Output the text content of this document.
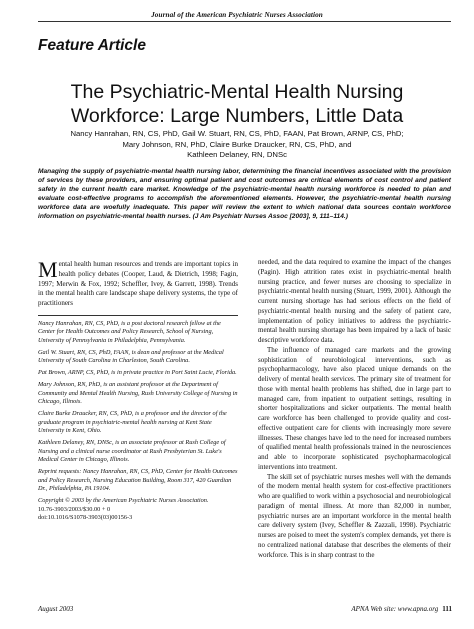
Journal of the American Psychiatric Nurses Association
Feature Article
The Psychiatric-Mental Health Nursing
Workforce: Large Numbers, Little Data
Nancy Hanrahan, RN, CS, PhD, Gail W. Stuart, RN, CS, PhD, FAAN, Pat Brown, ARNP, CS, PhD;
Mary Johnson, RN, PhD, Claire Burke Draucker, RN, CS, PhD, and
Kathleen Delaney, RN, DNSc
Managing the supply of psychiatric-mental health nursing labor, determining the financial incentives associated with the provision of services by these providers, and ensuring optimal patient and cost outcomes are critical elements of cost control and patient safety in the current health care market. Knowledge of the psychiatric-mental health nursing workforce is needed to plan and evaluate cost-effective programs to accomplish the aforementioned elements. However, the psychiatric-mental health nursing workforce data are woefully inadequate. This paper will review the extent to which national data sources contain workforce information on psychiatric-mental health nurses. (J Am Psychiatr Nurses Assoc [2003], 9, 111–114.)

Mental health human resources and trends are important topics in health policy debates (Cooper, Laud, & Dietrich, 1998; Fagin, 1997; Merwin & Fox, 1992; Scheffler, Ivey, & Garrett, 1998). Trends in the mental health care landscape shape delivery systems, the type of practitioners

Nancy Hanrahan, RN, CS, PhD, is a post doctoral research fellow at the Center for Health Outcomes and Policy Research, School of Nursing, University of Pennsylvania in Philadelphia, Pennsylvania.

Gail W. Stuart, RN, CS, PhD, FAAN, is dean and professor at the Medical University of South Carolina in Charleston, South Carolina.

Pat Brown, ARNP, CS, PhD, is in private practice in Port Saint Lucie, Florida.

Mary Johnson, RN, PhD, is an assistant professor at the Department of Community and Mental Health Nursing, Rush University College of Nursing in Chicago, Illinois.

Claire Burke Draucker, RN, CS, PhD, is a professor and the director of the graduate program in psychiatric-mental health nursing at Kent State University in Kent, Ohio.

Kathleen Delaney, RN, DNSc, is an associate professor at Rush College of Nursing and a clinical nurse coordinator at Rush Presbyterian St. Luke's Medical Center in Chicago, Illinois.

Reprint requests: Nancy Hanrahan, RN, CS, PhD, Center for Health Outcomes and Policy Research, Nursing Education Building, Room 317, 420 Guardian Dr., Philadelphia, PA 19104.

Copyright © 2003 by the American Psychiatric Nurses Association.

10.76-3903/2003/$30.00 + 0

doi:10.1016/S1078-3903(03)00156-3

needed, and the data required to examine the impact of the changes (Pagin). High attrition rates exist in psychiatric-mental health nursing practice, and fewer nurses are choosing to specialize in psychiatric-mental health nursing (Stuart, 1999, 2001). Although the current nursing shortage has had serious effects on the field of psychiatric-mental health nursing and the safety of patient care, implementation of policy initiatives to address the psychiatric-mental health nursing shortage has been impaired by a lack of basic descriptive workforce data.

The influence of managed care markets and the growing sophistication of neurobiological interventions, such as psychopharmacology, have also placed unique demands on the delivery of mental health services. The primary site of treatment for those with mental health problems has shifted, due in large part to managed care, from inpatient to outpatient settings, resulting in shorter hospitalizations and sicker outpatients. The mental health care workforce has been challenged to provide quality and cost-effective outpatient care for clients with increasingly more severe illnesses. These changes have led to the need for increased numbers of qualified mental health professionals trained in the neurosciences and able to incorporate sophisticated psychopharmacological interventions into treatment.

The skill set of psychiatric nurses meshes well with the demands of the modern mental health system for cost-effective practitioners who are qualified to work within a psychosocial and neurobiological paradigm of mental illness. At more than 82,000 in number, psychiatric nurses are an important workforce in the mental health care delivery system (Ivey, Scheffler & Zazzali, 1998). Psychiatric nurses are poised to meet the system's complex demands, yet there is no centralized national database that describes the elements of their workforce. This is in sharp contrast to the

August 2003	APNA Web site: www.apna.org 111
